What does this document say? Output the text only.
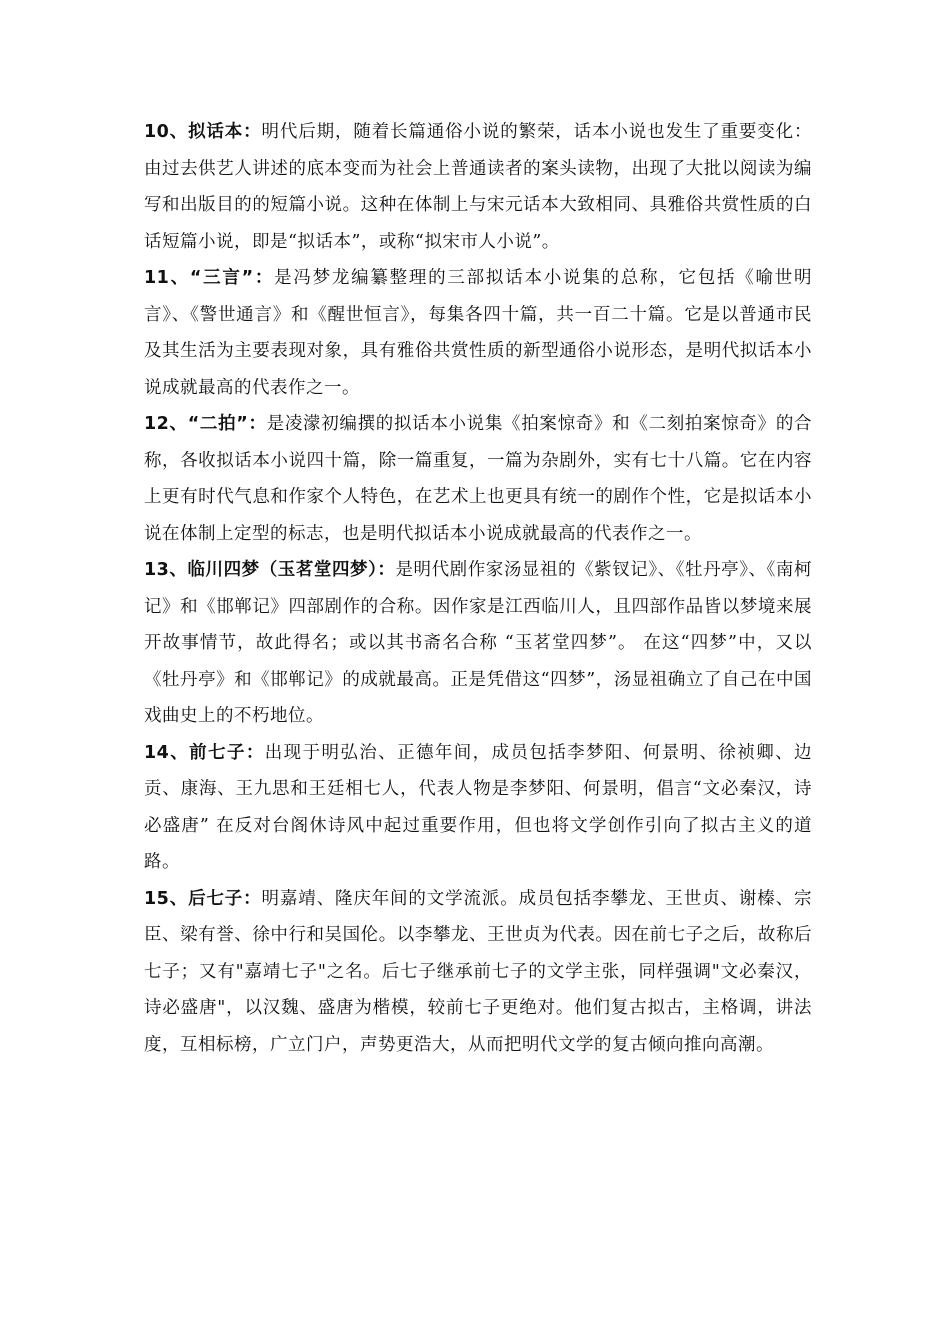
10、拟话本：明代后期，随着长篇通俗小说的繁荣，话本小说也发生了重要变化：由过去供艺人讲述的底本变而为社会上普通读者的案头读物，出现了大批以阅读为编写和出版目的的短篇小说。这种在体制上与宋元话本大致相同、具雅俗共赏性质的白话短篇小说，即是“拟话本”，或称“拟宋市人小说”。

11、“三言”：是冯梦龙编纂整理的三部拟话本小说集的总称，它包括《喻世明言》、《警世通言》和《醒世恒言》，每集各四十篇，共一百二十篇。它是以普通市民及其生活为主要表现对象，具有雅俗共赏性质的新型通俗小说形态，是明代拟话本小说成就最高的代表作之一。

12、“二拍”：是凌濛初编撰的拟话本小说集《拍案惊奇》和《二刻拍案惊奇》的合称，各收拟话本小说四十篇，除一篇重复，一篇为杂剧外，实有七十八篇。它在内容上更有时代气息和作家个人特色，在艺术上也更具有统一的剧作个性，它是拟话本小说在体制上定型的标志，也是明代拟话本小说成就最高的代表作之一。

13、临川四梦（玉茗堂四梦）：是明代剧作家汤显祖的《紫钗记》、《牡丹亭》、《南柯记》和《邯郸记》四部剧作的合称。因作家是江西临川人，且四部作品皆以梦境来展开故事情节，故此得名；或以其书斋名合称 “玉茗堂四梦”。 在这“四梦”中，又以《牡丹亭》和《邯郸记》的成就最高。正是凭借这“四梦”，汤显祖确立了自己在中国戏曲史上的不朽地位。

14、前七子：出现于明弘治、正德年间，成员包括李梦阳、何景明、徐祯卿、边贡、康海、王九思和王廷相七人，代表人物是李梦阳、何景明，倡言“文必秦汉，诗必盛唐” 在反对台阁休诗风中起过重要作用，但也将文学创作引向了拟古主义的道路。

15、后七子：明嘉靖、隆庆年间的文学流派。成员包括李攀龙、王世贞、谢榛、宗臣、梁有誉、徐中行和吴国伦。以李攀龙、王世贞为代表。因在前七子之后，故称后七子；又有"嘉靖七子"之名。后七子继承前七子的文学主张，同样强调"文必秦汉，诗必盛唐"，以汉魏、盛唐为楷模，较前七子更绝对。他们复古拟古，主格调，讲法度，互相标榜，广立门户，声势更浩大，从而把明代文学的复古倾向推向高潮。
